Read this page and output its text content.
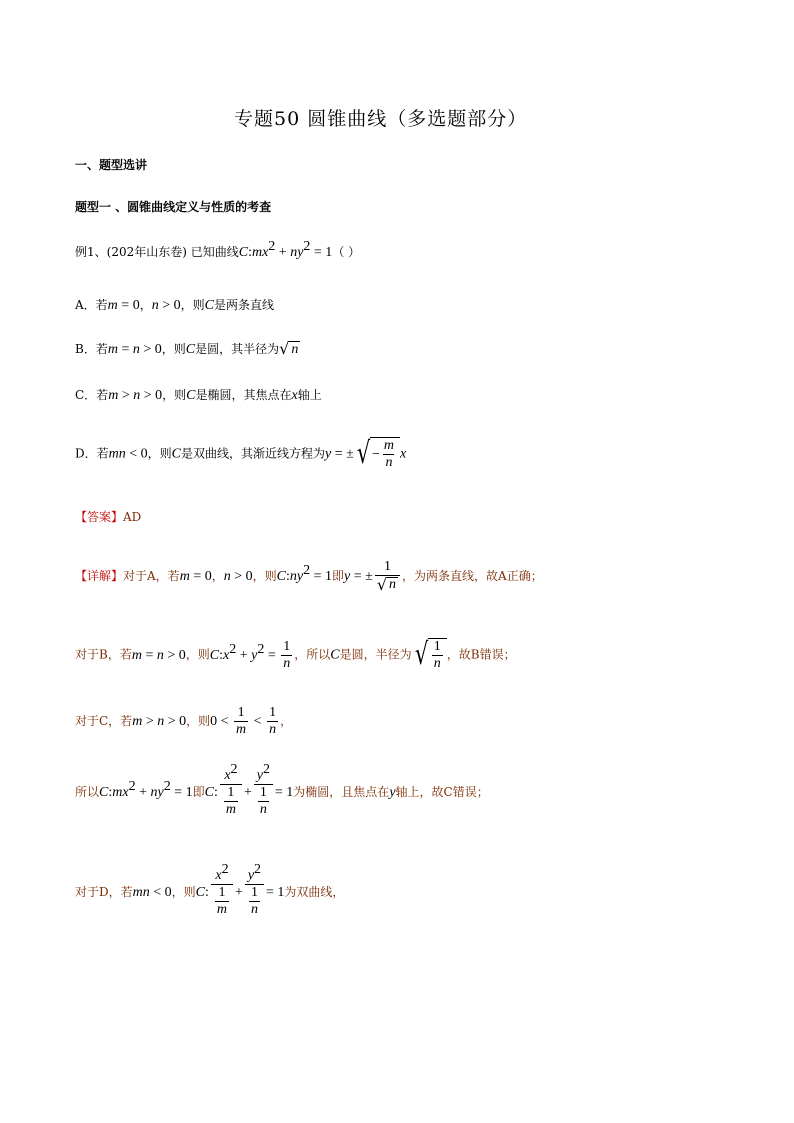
专题50 圆锥曲线（多选题部分）
一、题型选讲
题型一 、圆锥曲线定义与性质的考查
例1、(202年山东卷) 已知曲线$C:mx^2 + ny^2 = 1$（ ）
A．若m = 0，n > 0，则C是两条直线
B．若m = n > 0，则C是圆，其半径为 √ n
C．若m > n > 0，则C是椭圆，其焦点在x轴上
D．若mn < 0，则C是双曲线，其渐近线方程为y = ± √ − $\frac{m}{n}$ x
【答案】AD
【详解】对于A，若m = 0，n > 0，则$C:ny^2 = 1$即y = ± $\frac{1}{√ n}$ ，为两条直线，故A正确；
对于B，若m = n > 0，则$C:x^2 + y^2 = \frac{1}{n}$ ，所以C是圆，半径为 √ $\frac{1}{n}$ ，故B错误；
对于C，若m > n > 0，则$0 < \frac{1}{m} < \frac{1}{n}$ ，
所以$C:mx^2 + ny^2 = 1$即C: $\frac{x^2}{\frac{1}{m}} + \frac{y^2}{\frac{1}{n}} = 1$为椭圆，且焦点在y轴上，故C错误；
对于D，若mn < 0，则C: $\frac{x^2}{\frac{1}{m}} + \frac{y^2}{\frac{1}{n}} = 1$为双曲线，
